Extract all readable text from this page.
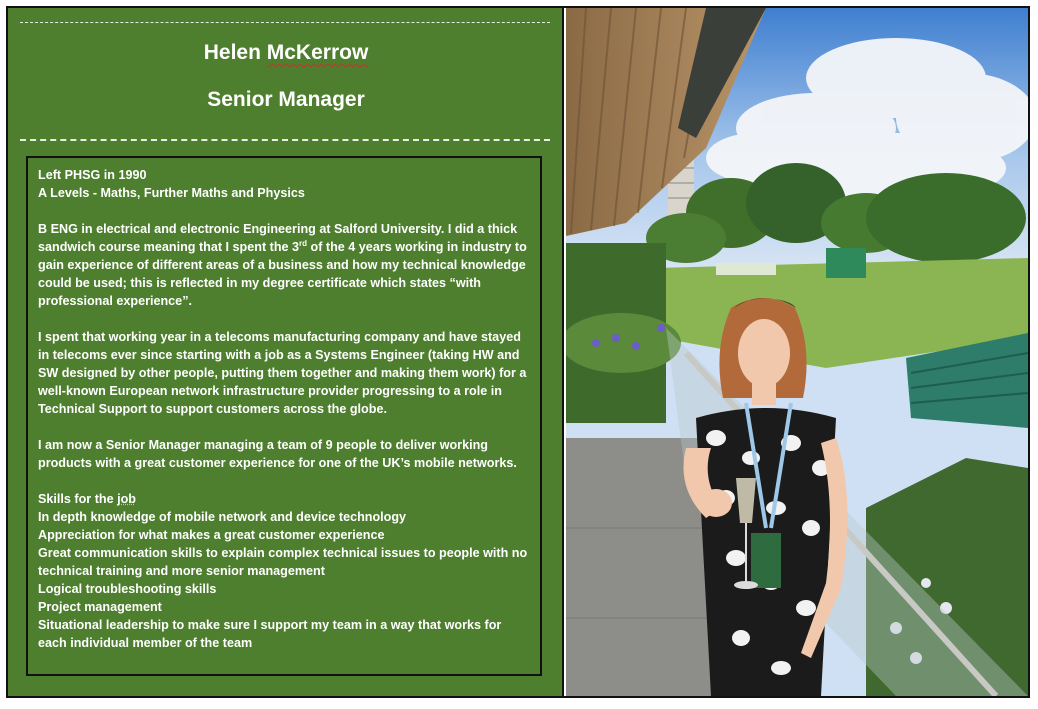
Helen McKerrow
Senior Manager

Left PHSG in 1990

A Levels - Maths, Further Maths and Physics

B ENG in electrical and electronic Engineering at Salford University. I did a thick sandwich course meaning that I spent the 3rd of the 4 years working in industry to gain experience of different areas of a business and how my technical knowledge could be used; this is reflected in my degree certificate which states “with professional experience”.

I spent that working year in a telecoms manufacturing company and have stayed in telecoms ever since starting with a job as a Systems Engineer (taking HW and SW designed by other people, putting them together and making them work) for a well-known European network infrastructure provider progressing to a role in Technical Support to support customers across the globe.

I am now a Senior Manager managing a team of 9 people to deliver working products with a great customer experience for one of the UK’s mobile networks.

Skills for the job

In depth knowledge of mobile network and device technology

Appreciation for what makes a great customer experience

Great communication skills to explain complex technical issues to people with no technical training and more senior management

Logical troubleshooting skills

Project management

Situational leadership to make sure I support my team in a way that works for each individual member of the team
